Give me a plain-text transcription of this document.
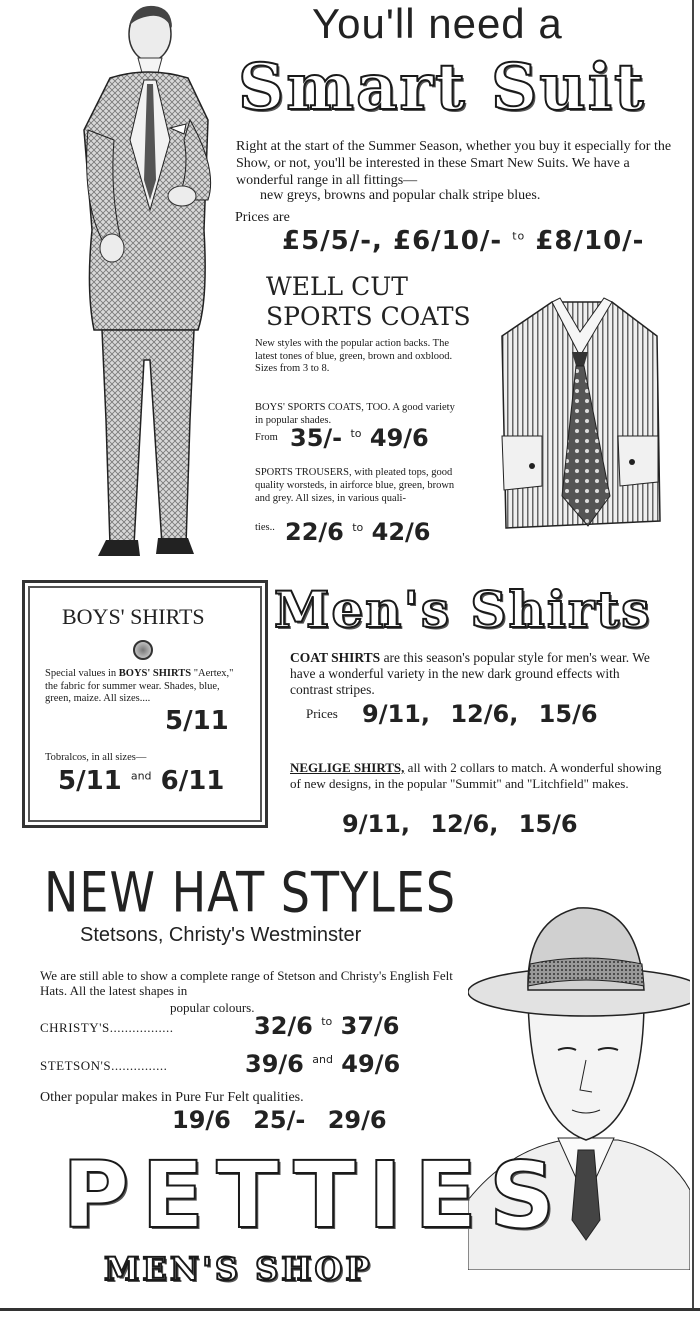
You'll need a
Smart Suit

Right at the start of the Summer Season, whether you buy it especially for the Show, or not, you'll be interested in these Smart New Suits. We have a wonderful range in all fittings—

new greys, browns and popular chalk stripe blues.

Prices are
£5/5/-, £6/10/- $^{to}$ £8/10/-
WELL CUT
SPORTS COATS

New styles with the popular action backs. The latest tones of blue, green, brown and oxblood. Sizes from 3 to 8.

BOYS' SPORTS COATS, TOO. A good variety in popular shades.

From 35/- $^{to}$ 49/6

SPORTS TROUSERS, with pleated tops, good quality worsteds, in airforce blue, green, brown and grey. All sizes, in various quali-

ties.. 22/6 $^{to}$ 42/6
BOYS' SHIRTS

Special values in BOYS' SHIRTS "Aertex," the fabric for summer wear. Shades, blue, green, maize. All sizes....

5/11
Tobralcos, in all sizes—
5/11 $^{and}$ 6/11
Men's Shirts

COAT SHIRTS are this season's popular style for men's wear. We have a wonderful variety in the new dark ground effects with contrast stripes.

Prices 9/11, 12/6, 15/6

NEGLIGE SHIRTS, all with 2 collars to match. A wonderful showing of new designs, in the popular "Summit" and "Litchfield" makes.

9/11, 12/6, 15/6
NEW HAT STYLES
Stetsons, Christy's Westminster

We are still able to show a complete range of Stetson and Christy's English Felt Hats. All the latest shapes in

popular colours.
CHRISTY'S.................	32/6 $^{to}$ 37/6
STETSON'S...............	39/6 $^{and}$ 49/6
Other popular makes in Pure Fur Felt qualities.
19/6 25/- 29/6
PETTIES
MEN'S SHOP
